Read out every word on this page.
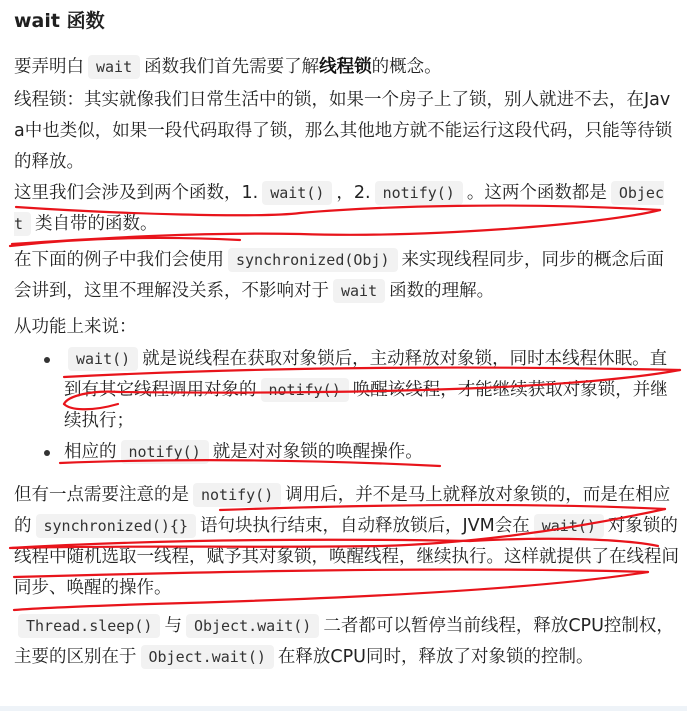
wait 函数

要弄明白 wait 函数我们首先需要了解线程锁的概念。

线程锁：其实就像我们日常生活中的锁，如果一个房子上了锁，别人就进不去，在Java中也类似，如果一段代码取得了锁，那么其他地方就不能运行这段代码，只能等待锁的释放。

这里我们会涉及到两个函数，1. wait() ，2. notify() 。这两个函数都是 Object 类自带的函数。

在下面的例子中我们会使用 synchronized(Obj) 来实现线程同步，同步的概念后面会讲到，这里不理解没关系，不影响对于 wait 函数的理解。

从功能上来说：

wait() 就是说线程在获取对象锁后，主动释放对象锁，同时本线程休眠。直到有其它线程调用对象的 notify() 唤醒该线程，才能继续获取对象锁，并继续执行；
相应的 notify() 就是对对象锁的唤醒操作。

但有一点需要注意的是 notify() 调用后，并不是马上就释放对象锁的，而是在相应的 synchronized(){} 语句块执行结束，自动释放锁后，JVM会在 wait() 对象锁的线程中随机选取一线程，赋予其对象锁，唤醒线程，继续执行。这样就提供了在线程间同步、唤醒的操作。

Thread.sleep() 与 Object.wait() 二者都可以暂停当前线程，释放CPU控制权，主要的区别在于 Object.wait() 在释放CPU同时，释放了对象锁的控制。
